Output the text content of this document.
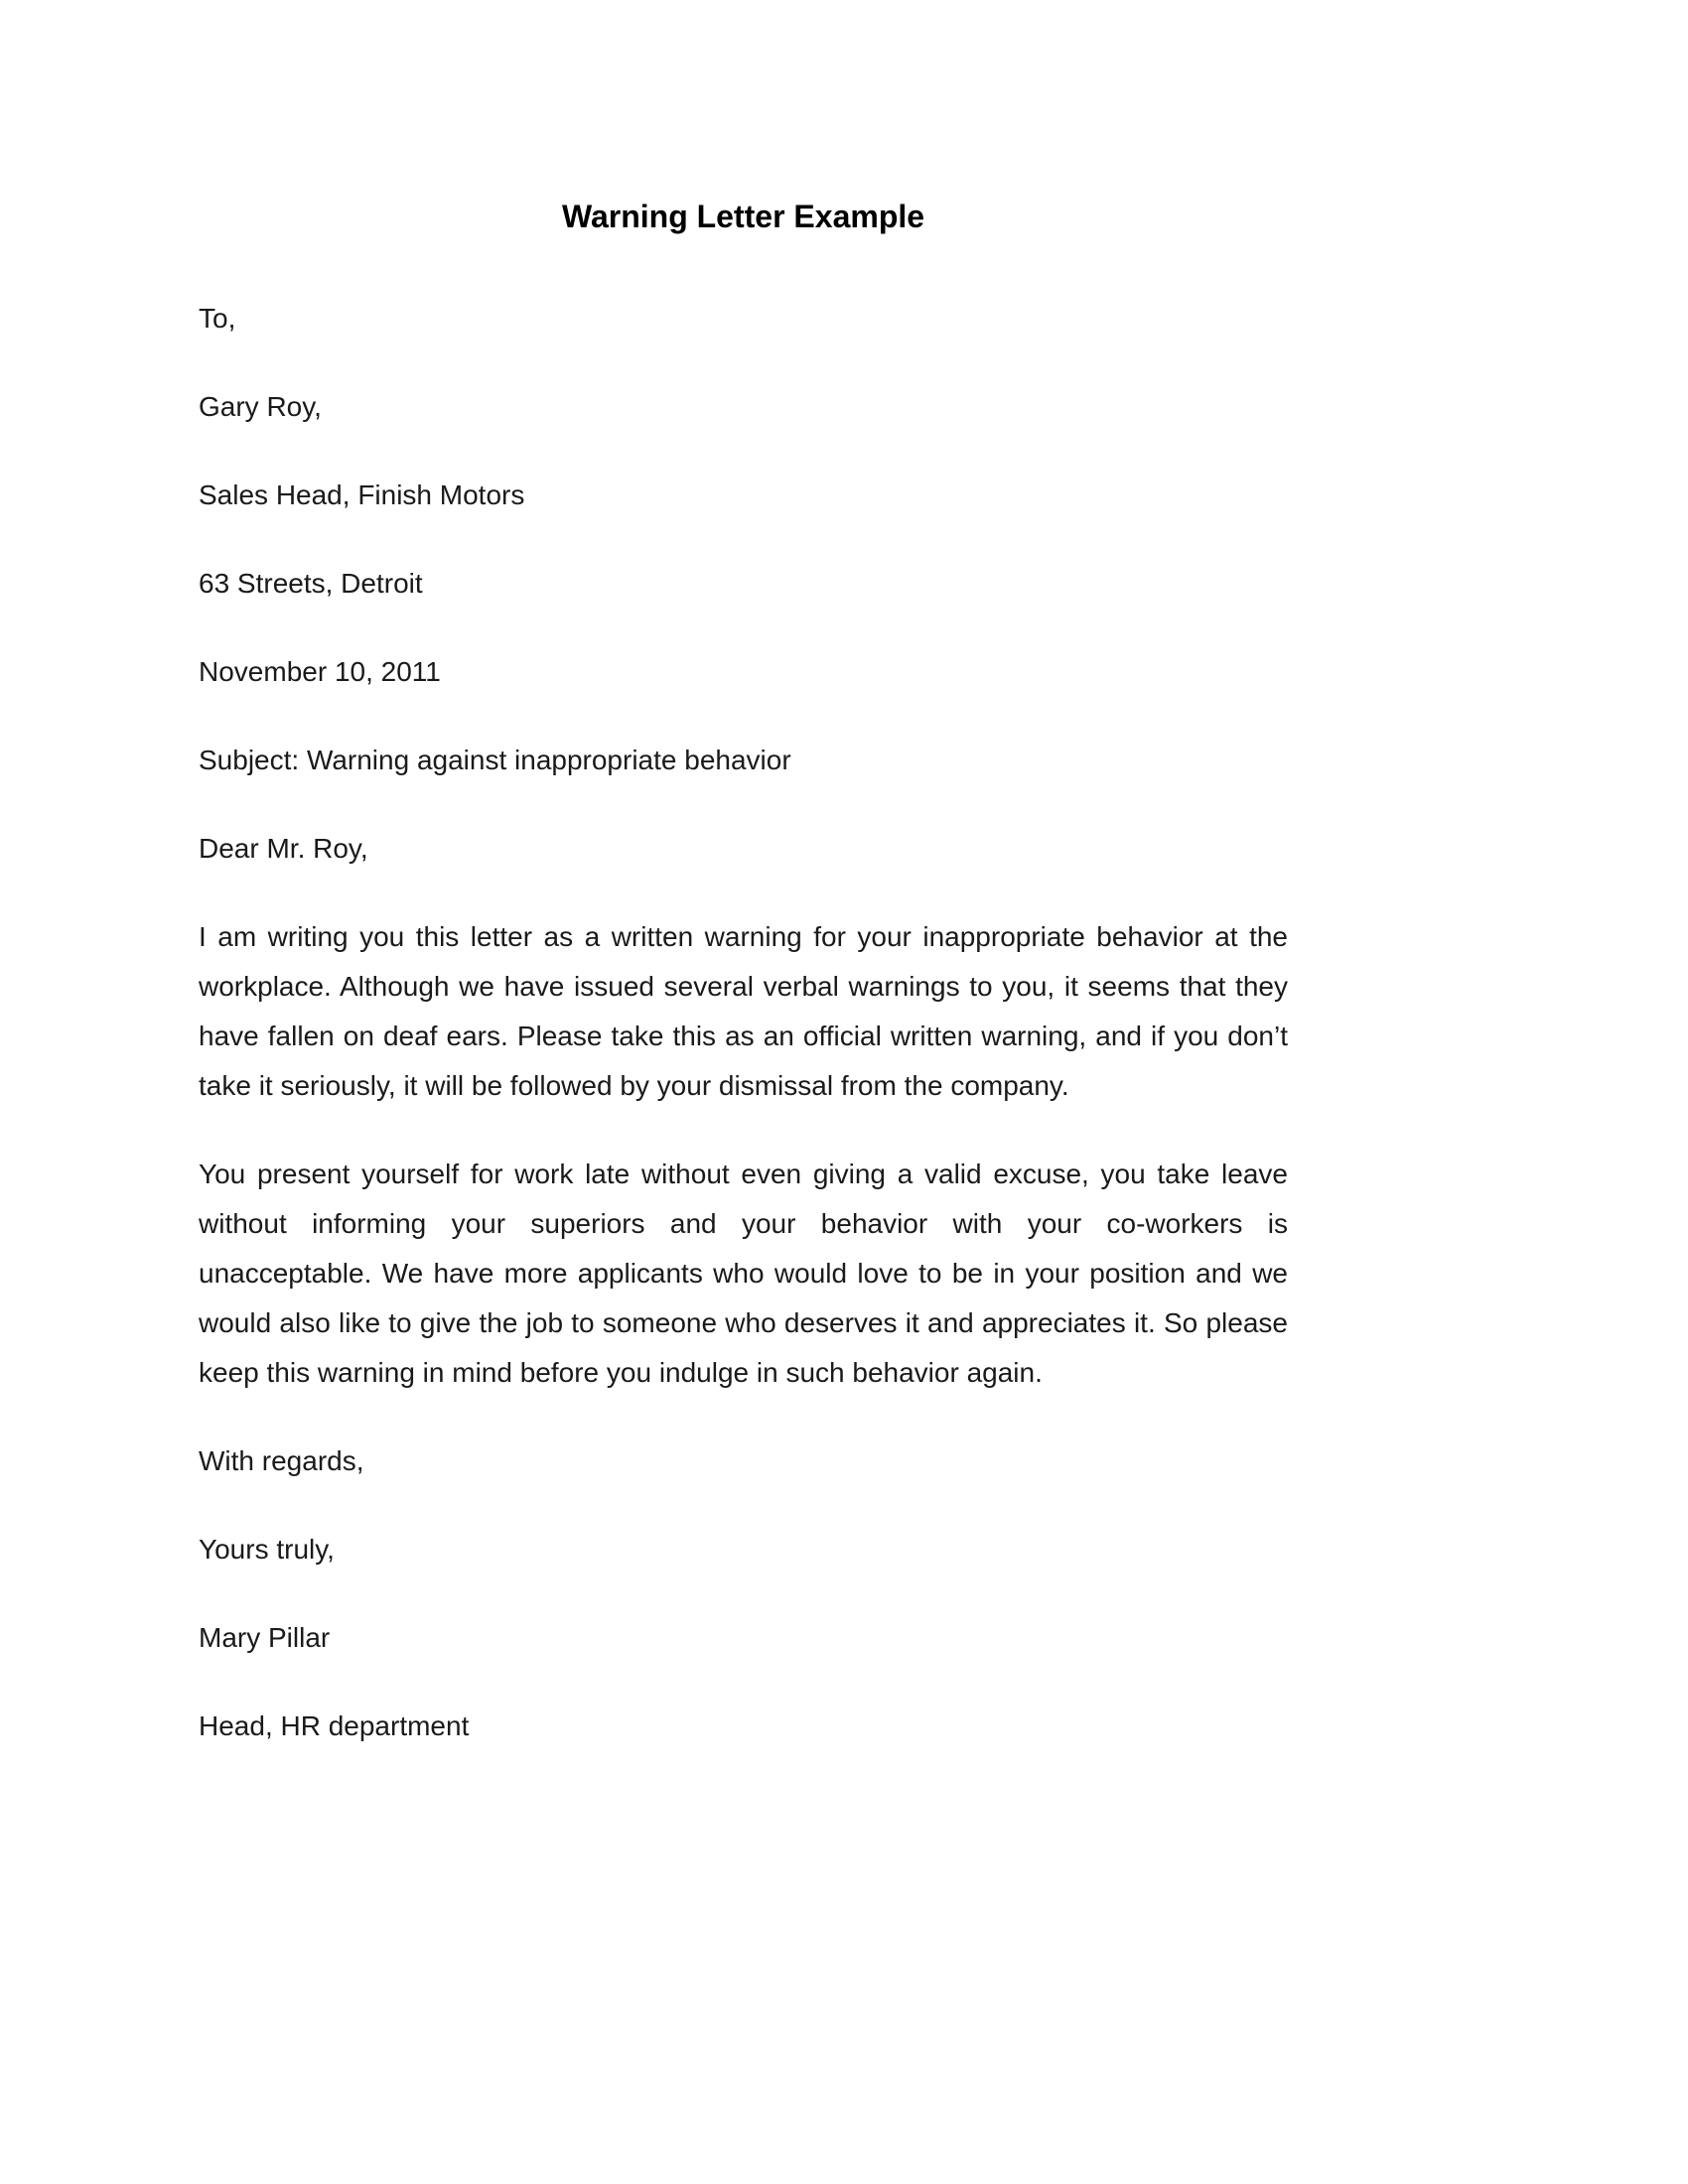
Warning Letter Example

To,

Gary Roy,

Sales Head, Finish Motors

63 Streets, Detroit

November 10, 2011

Subject: Warning against inappropriate behavior

Dear Mr. Roy,

I am writing you this letter as a written warning for your inappropriate behavior at the workplace. Although we have issued several verbal warnings to you, it seems that they have fallen on deaf ears. Please take this as an official written warning, and if you don’t take it seriously, it will be followed by your dismissal from the company.

You present yourself for work late without even giving a valid excuse, you take leave without informing your superiors and your behavior with your co-workers is unacceptable. We have more applicants who would love to be in your position and we would also like to give the job to someone who deserves it and appreciates it. So please keep this warning in mind before you indulge in such behavior again.

With regards,

Yours truly,

Mary Pillar

Head, HR department
